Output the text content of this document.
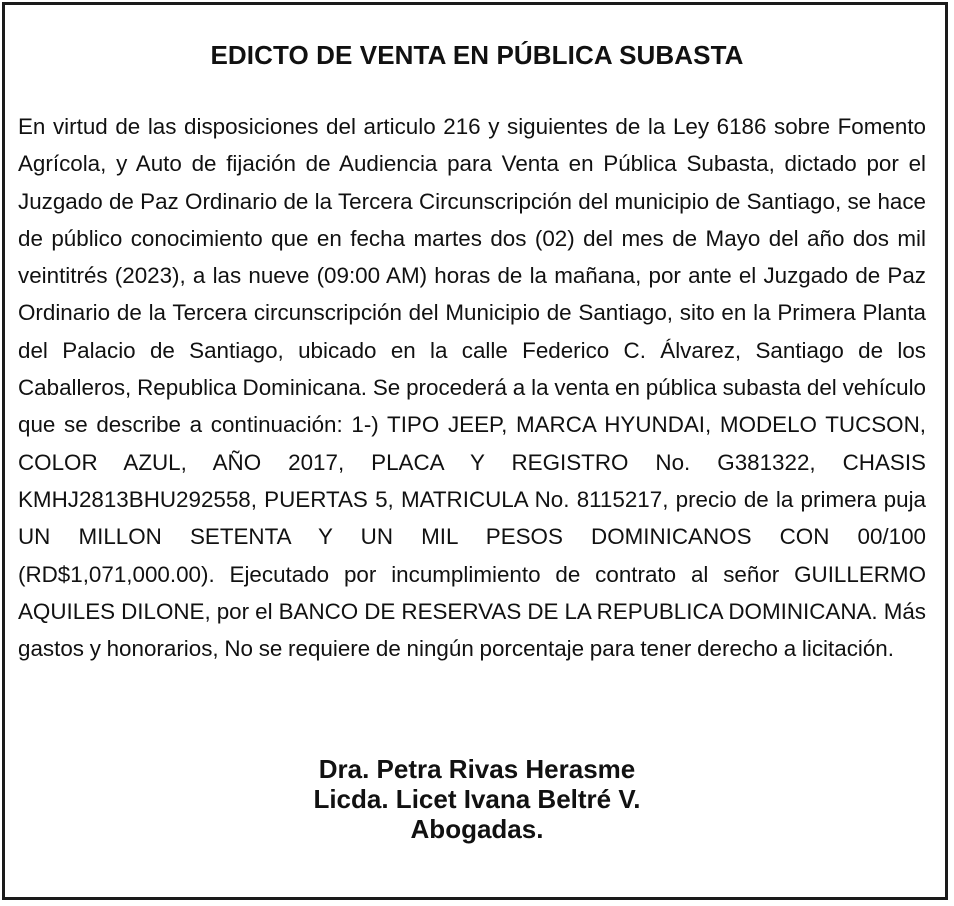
EDICTO DE VENTA EN PÚBLICA SUBASTA

En virtud de las disposiciones del articulo 216 y siguientes de la Ley 6186 sobre Fomento Agrícola, y Auto de fijación de Audiencia para Venta en Pública Subasta, dictado por el Juzgado de Paz Ordinario de la Tercera Circunscripción del municipio de Santiago, se hace de público conocimiento que en fecha martes dos (02) del mes de Mayo del año dos mil veintitrés (2023), a las nueve (09:00 AM) horas de la mañana, por ante el Juzgado de Paz Ordinario de la Tercera circunscripción del Municipio de Santiago, sito en la Primera Planta del Palacio de Santiago, ubicado en la calle Federico C. Álvarez, Santiago de los Caballeros, Republica Dominicana. Se procederá a la venta en pública subasta del vehículo que se describe a continuación: 1-) TIPO JEEP, MARCA HYUNDAI, MODELO TUCSON, COLOR AZUL, AÑO 2017, PLACA Y REGISTRO No. G381322, CHASIS KMHJ2813BHU292558, PUERTAS 5, MATRICULA No. 8115217, precio de la primera puja UN MILLON SETENTA Y UN MIL PESOS DOMINICANOS CON 00/100 (RD$1,071,000.00). Ejecutado por incumplimiento de contrato al señor GUILLERMO AQUILES DILONE, por el BANCO DE RESERVAS DE LA REPUBLICA DOMINICANA. Más gastos y honorarios, No se requiere de ningún porcentaje para tener derecho a licitación.

Dra. Petra Rivas Herasme
Licda. Licet Ivana Beltré V.
Abogadas.
